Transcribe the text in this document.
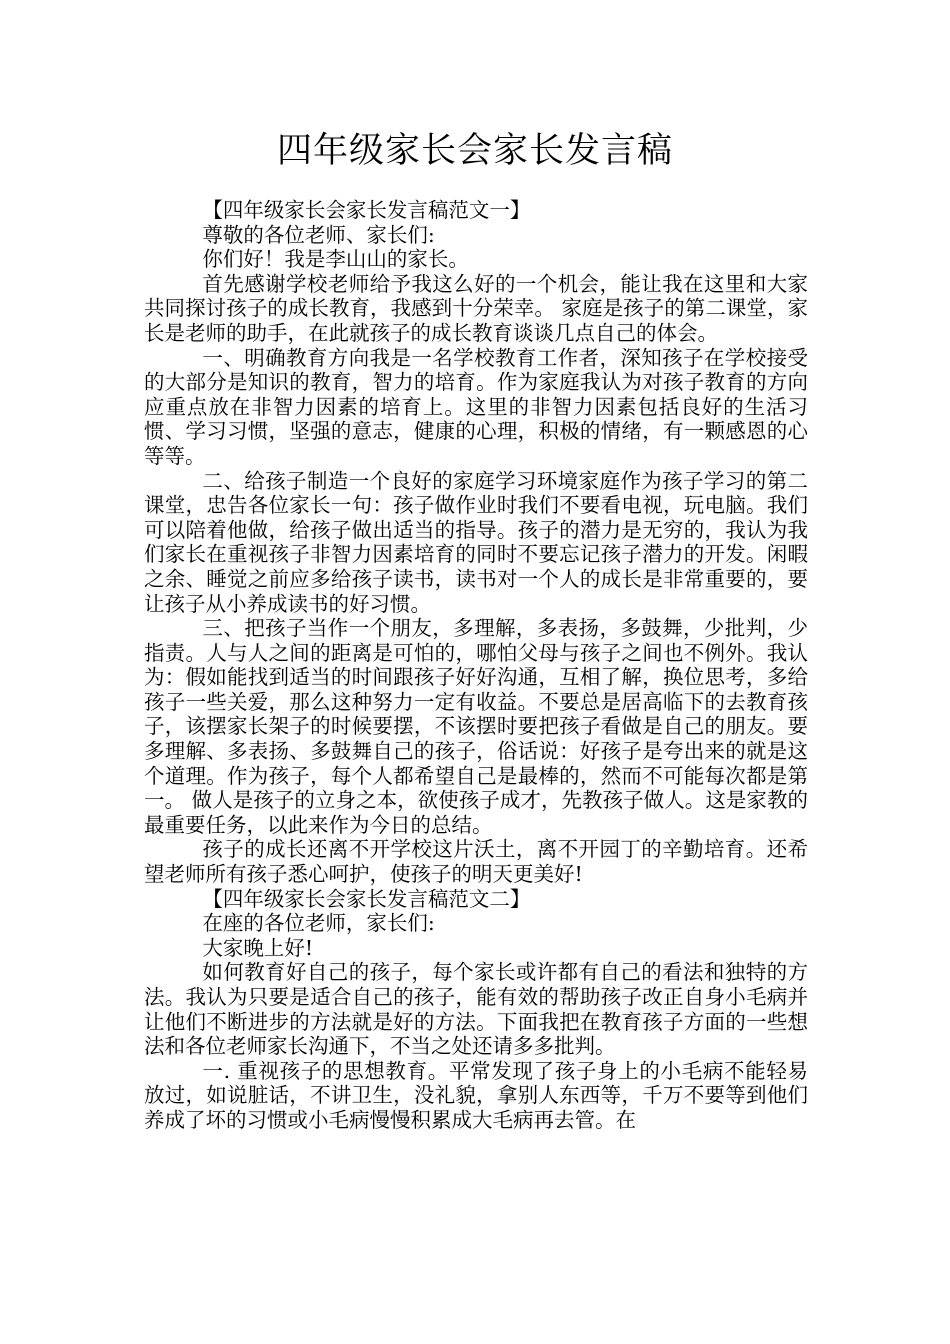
四年级家长会家长发言稿

【四年级家长会家长发言稿范文一】

尊敬的各位老师、家长们:

你们好！我是李山山的家长。

首先感谢学校老师给予我这么好的一个机会，能让我在这里和大家共同探讨孩子的成长教育，我感到十分荣幸。 家庭是孩子的第二课堂，家长是老师的助手，在此就孩子的成长教育谈谈几点自己的体会。

一、明确教育方向我是一名学校教育工作者，深知孩子在学校接受的大部分是知识的教育，智力的培育。作为家庭我认为对孩子教育的方向应重点放在非智力因素的培育上。这里的非智力因素包括良好的生活习惯、学习习惯，坚强的意志，健康的心理，积极的情绪，有一颗感恩的心等等。

二、给孩子制造一个良好的家庭学习环境家庭作为孩子学习的第二课堂，忠告各位家长一句：孩子做作业时我们不要看电视，玩电脑。我们可以陪着他做，给孩子做出适当的指导。孩子的潜力是无穷的，我认为我们家长在重视孩子非智力因素培育的同时不要忘记孩子潜力的开发。闲暇之余、睡觉之前应多给孩子读书，读书对一个人的成长是非常重要的，要让孩子从小养成读书的好习惯。

三、把孩子当作一个朋友，多理解，多表扬，多鼓舞，少批判，少指责。人与人之间的距离是可怕的，哪怕父母与孩子之间也不例外。我认为：假如能找到适当的时间跟孩子好好沟通，互相了解，换位思考，多给孩子一些关爱，那么这种努力一定有收益。不要总是居高临下的去教育孩子，该摆家长架子的时候要摆，不该摆时要把孩子看做是自己的朋友。要多理解、多表扬、多鼓舞自己的孩子，俗话说：好孩子是夸出来的就是这个道理。作为孩子，每个人都希望自己是最棒的，然而不可能每次都是第一。 做人是孩子的立身之本，欲使孩子成才，先教孩子做人。这是家教的最重要任务，以此来作为今日的总结。

孩子的成长还离不开学校这片沃土，离不开园丁的辛勤培育。还希望老师所有孩子悉心呵护，使孩子的明天更美好!

【四年级家长会家长发言稿范文二】

在座的各位老师，家长们:

大家晚上好!

如何教育好自己的孩子，每个家长或许都有自己的看法和独特的方法。我认为只要是适合自己的孩子，能有效的帮助孩子改正自身小毛病并让他们不断进步的方法就是好的方法。下面我把在教育孩子方面的一些想法和各位老师家长沟通下，不当之处还请多多批判。

一. 重视孩子的思想教育。平常发现了孩子身上的小毛病不能轻易放过，如说脏话，不讲卫生，没礼貌，拿别人东西等，千万不要等到他们养成了坏的习惯或小毛病慢慢积累成大毛病再去管。在
